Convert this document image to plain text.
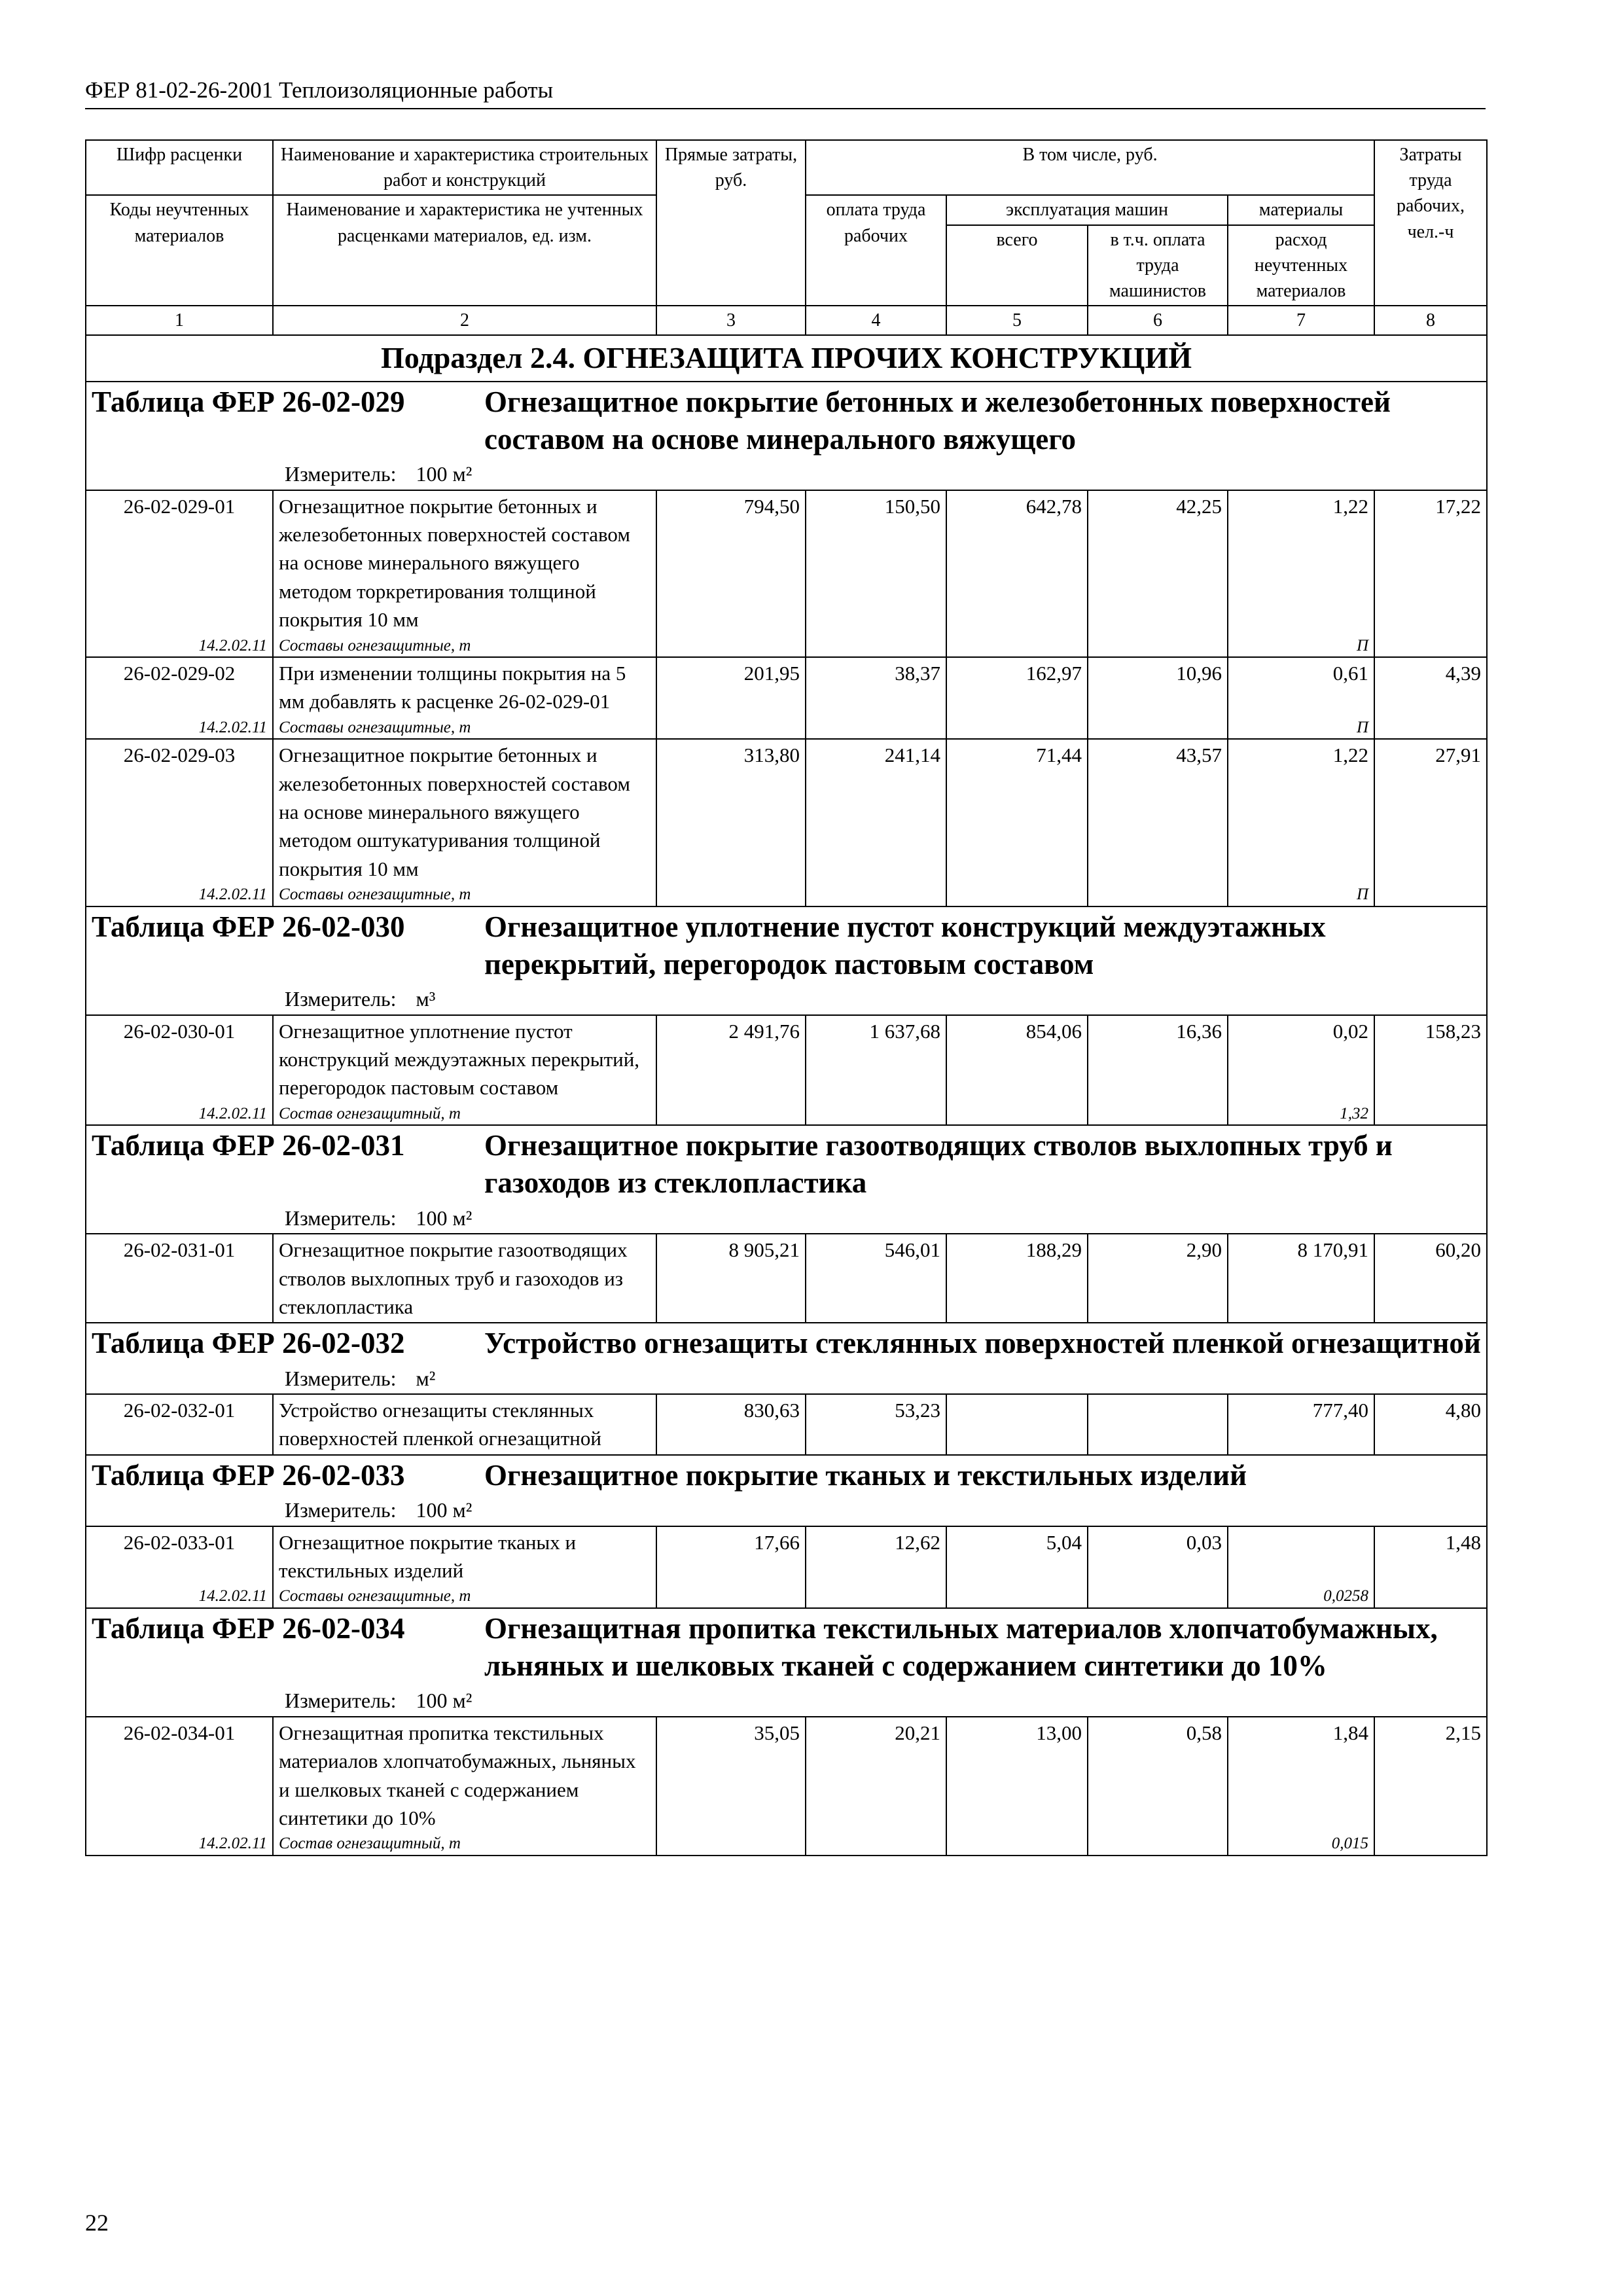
ФЕР 81-02-26-2001 Теплоизоляционные работы
Шифр расценки	Наименование и характеристика строительных работ и конструкций	Прямые затраты, руб.	В том числе, руб.				Затраты труда рабочих, чел.-ч
Коды неучтенных материалов	Наименование и характеристика не учтенных расценками материалов, ед. изм.		оплата труда рабочих	эксплуатация машин		материалы	
				всего	в т.ч. оплата труда машинистов	расход неучтенных материалов	
1	2	3	4	5	6	7	8
Подраздел 2.4. ОГНЕЗАЩИТА ПРОЧИХ КОНСТРУКЦИЙ							

Таблица ФЕР 26-02-029 Огнезащитное покрытие бетонных и железобетонных поверхностей составом на основе минерального вяжущего
Измеритель: 100 м²							

26-02-029-01	Огнезащитное покрытие бетонных и железобетонных поверхностей составом на основе минерального вяжущего методом торкретирования толщиной покрытия 10 мм	794,50	150,50	642,78	42,25	1,22	17,22
14.2.02.11	Составы огнезащитные, т					П	
26-02-029-02	При изменении толщины покрытия на 5 мм добавлять к расценке 26-02-029-01	201,95	38,37	162,97	10,96	0,61	4,39
14.2.02.11	Составы огнезащитные, т					П	
26-02-029-03	Огнезащитное покрытие бетонных и железобетонных поверхностей составом на основе минерального вяжущего методом оштукатуривания толщиной покрытия 10 мм	313,80	241,14	71,44	43,57	1,22	27,91
14.2.02.11	Составы огнезащитные, т					П	

Таблица ФЕР 26-02-030 Огнезащитное уплотнение пустот конструкций междуэтажных перекрытий, перегородок пастовым составом
Измеритель: м³							

26-02-030-01	Огнезащитное уплотнение пустот конструкций междуэтажных перекрытий, перегородок пастовым составом	2 491,76	1 637,68	854,06	16,36	0,02	158,23
14.2.02.11	Состав огнезащитный, т					1,32	

Таблица ФЕР 26-02-031 Огнезащитное покрытие газоотводящих стволов выхлопных труб и газоходов из стеклопластика
Измеритель: 100 м²							

26-02-031-01	Огнезащитное покрытие газоотводящих стволов выхлопных труб и газоходов из стеклопластика	8 905,21	546,01	188,29	2,90	8 170,91	60,20

Таблица ФЕР 26-02-032 Устройство огнезащиты стеклянных поверхностей пленкой огнезащитной
Измеритель: м²							

26-02-032-01	Устройство огнезащиты стеклянных поверхностей пленкой огнезащитной	830,63	53,23			777,40	4,80

Таблица ФЕР 26-02-033 Огнезащитное покрытие тканых и текстильных изделий
Измеритель: 100 м²							

26-02-033-01	Огнезащитное покрытие тканых и текстильных изделий	17,66	12,62	5,04	0,03		1,48
14.2.02.11	Составы огнезащитные, т					0,0258	

Таблица ФЕР 26-02-034 Огнезащитная пропитка текстильных материалов хлопчатобумажных, льняных и шелковых тканей с содержанием синтетики до 10%
Измеритель: 100 м²							

26-02-034-01	Огнезащитная пропитка текстильных материалов хлопчатобумажных, льняных и шелковых тканей с содержанием синтетики до 10%	35,05	20,21	13,00	0,58	1,84	2,15
14.2.02.11	Состав огнезащитный, т					0,015	
22
